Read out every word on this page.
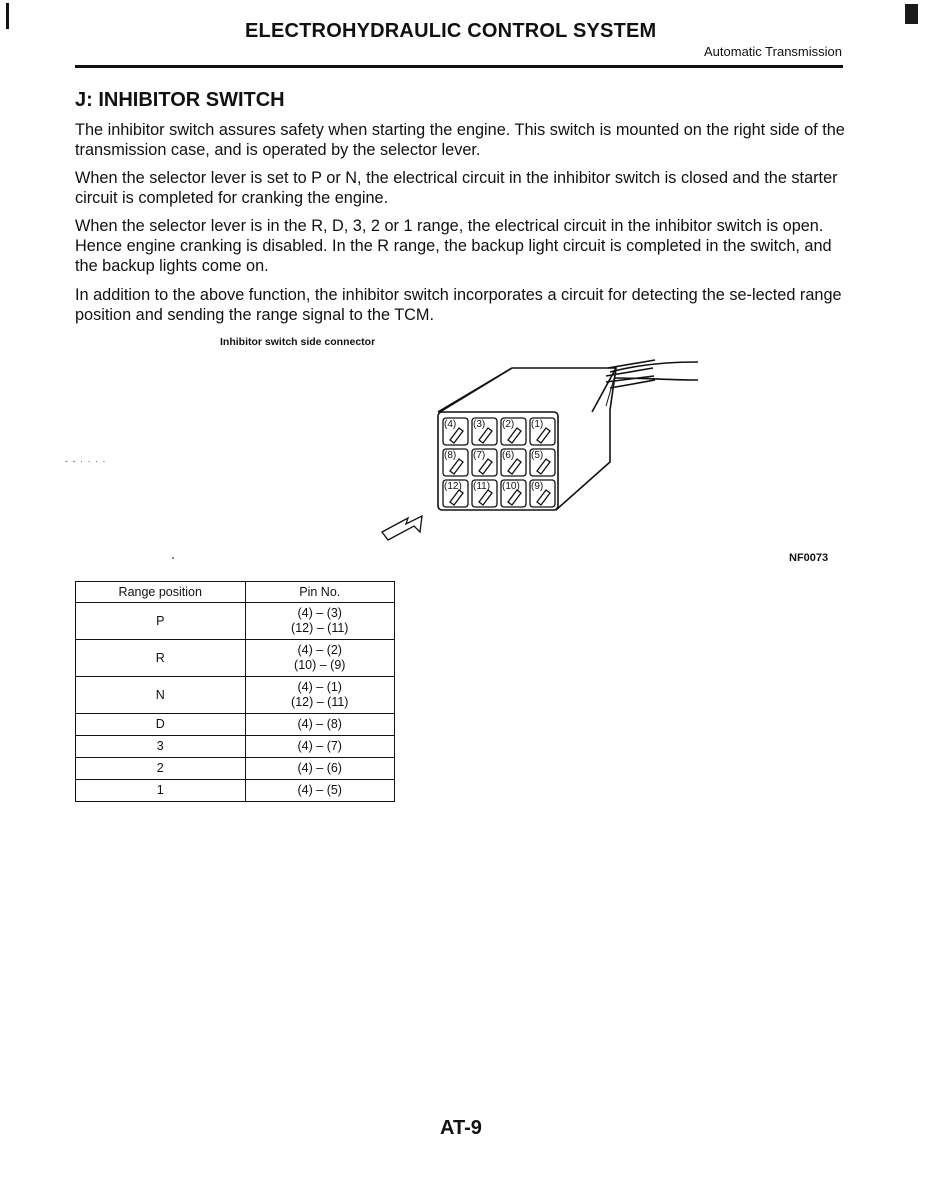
ELECTROHYDRAULIC CONTROL SYSTEM
Automatic Transmission
J: INHIBITOR SWITCH

The inhibitor switch assures safety when starting the engine. This switch is mounted on the right side of the transmission case, and is operated by the selector lever.

When the selector lever is set to P or N, the electrical circuit in the inhibitor switch is closed and the starter circuit is completed for cranking the engine.

When the selector lever is in the R, D, 3, 2 or 1 range, the electrical circuit in the inhibitor switch is open. Hence engine cranking is disabled. In the R range, the backup light circuit is completed in the switch, and the backup lights come on.

In addition to the above function, the inhibitor switch incorporates a circuit for detecting the se-lected range position and sending the range signal to the TCM.

Inhibitor switch side connector
- - · · · ·
(4) (3) (2) (1)
(8) (7) (6) (5)
(12) (11) (10) (9)
NF0073
Range position	Pin No.
P	(4) – (3)
(12) – (11)

R	(4) – (2)
(10) – (9)

N	(4) – (1)
(12) – (11)

D	(4) – (8)

3	(4) – (7)

2	(4) – (6)

1	(4) – (5)
AT-9
